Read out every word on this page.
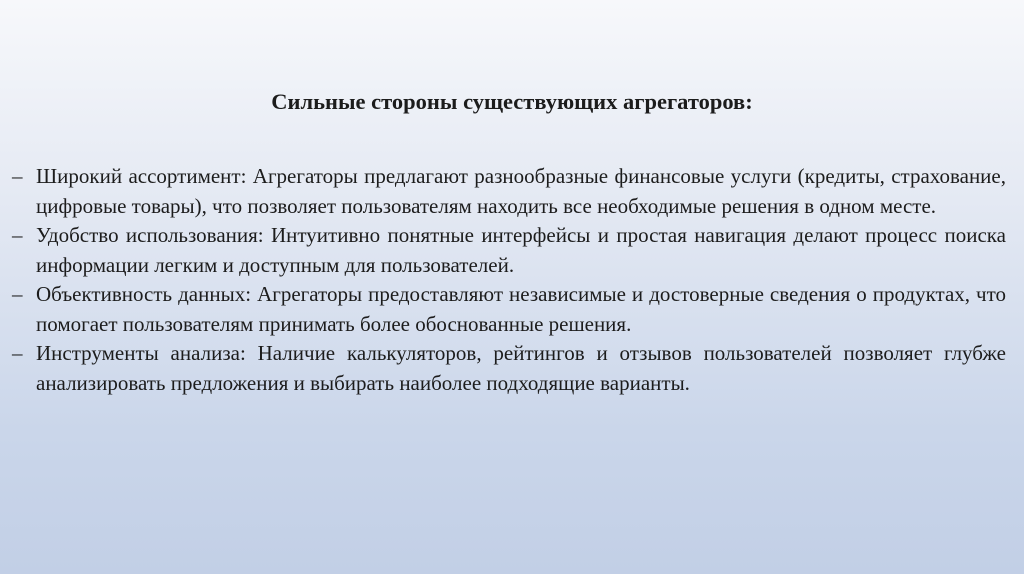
Сильные стороны существующих агрегаторов:
– Широкий ассортимент: Агрегаторы предлагают разнообразные финансовые услуги (кредиты, страхование, цифровые товары), что позволяет пользователям находить все необходимые решения в одном месте.
– Удобство использования: Интуитивно понятные интерфейсы и простая навигация делают процесс поиска информации легким и доступным для пользователей.
– Объективность данных: Агрегаторы предоставляют независимые и достоверные сведения о продуктах, что помогает пользователям принимать более обоснованные решения.
– Инструменты анализа: Наличие калькуляторов, рейтингов и отзывов пользователей позволяет глубже анализировать предложения и выбирать наиболее подходящие варианты.
